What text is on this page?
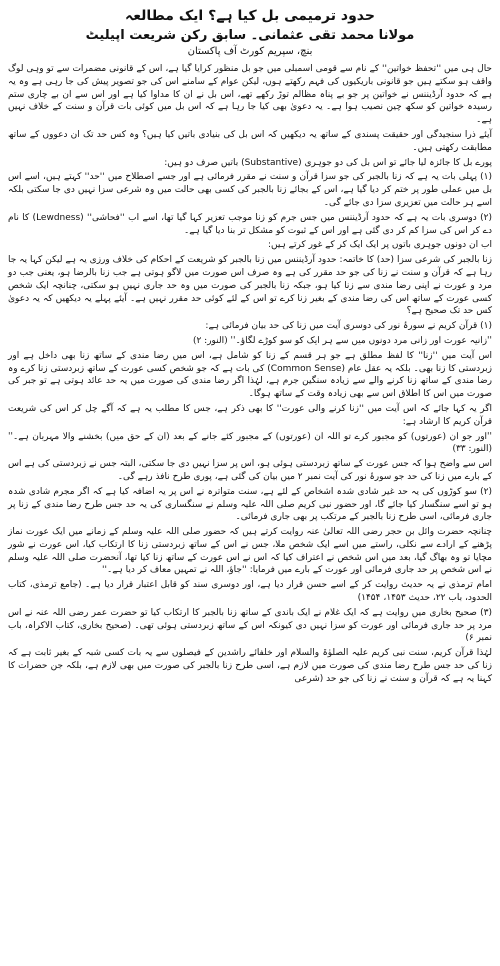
حدود ترمیمی بل کیا ہے؟ ایک مطالعہ
مولانا محمد تقی عثمانی۔ سابق رکن شریعت اپیلیٹ
بنچ، سپریم کورٹ آف پاکستان

حال ہی میں ''تحفظ خواتین'' کے نام سے قومی اسمبلی میں جو بل منظور کرایا گیا ہے، اس کے قانونی مضمرات سے تو وہی لوگ واقف ہو سکتے ہیں جو قانونی باریکیوں کی فہم رکھتے ہوں، لیکن عوام کے سامنے اس کی جو تصویر پیش کی جا رہی ہے وہ یہ ہے کہ حدود آرڈیننس نے خواتین پر جو بے پناہ مظالم توڑ رکھے تھے، اس بل نے ان کا مداوا کیا ہے اور اس سے ان بے چاری ستم رسیدہ خواتین کو سکھ چین نصیب ہوا ہے۔ یہ دعویٰ بھی کیا جا رہا ہے کہ اس بل میں کوئی بات قرآن و سنت کے خلاف نہیں ہے۔

آیئے ذرا سنجیدگی اور حقیقت پسندی کے ساتھ یہ دیکھیں کہ اس بل کی بنیادی باتیں کیا ہیں؟ وہ کس حد تک ان دعووں کے ساتھ مطابقت رکھتی ہیں۔

پورے بل کا جائزہ لیا جائے تو اس بل کی دو جوہری (Substantive) باتیں صرف دو ہیں:

(۱) پہلی بات یہ ہے کہ زنا بالجبر کی جو سزا قرآن و سنت نے مقرر فرمائی ہے اور جسے اصطلاح میں ''حد'' کہتے ہیں، اسے اس بل میں عملی طور پر ختم کر دیا گیا ہے، اس کے بجائے زنا بالجبر کی کسی بھی حالت میں وہ شرعی سزا نہیں دی جا سکتی بلکہ اسے ہر حالت میں تعزیری سزا دی جائے گی۔

(۲) دوسری بات یہ ہے کہ حدود آرڈیننس میں جس جرم کو زنا موجب تعزیر کہا گیا تھا، اسے اب ''فحاشی'' (Lewdness) کا نام دے کر اس کی سزا کم کر دی گئی ہے اور اس کے ثبوت کو مشکل تر بنا دیا گیا ہے۔

اب ان دونوں جوہری باتوں پر ایک ایک کر کے غور کرتے ہیں:

زنا بالجبر کی شرعی سزا (حد) کا خاتمہ: حدود آرڈیننس میں زنا بالجبر کو شریعت کے احکام کی خلاف ورزی یہ ہے لیکن کہا یہ جا رہا ہے کہ قرآن و سنت نے زنا کی جو حد مقرر کی ہے وہ صرف اس صورت میں لاگو ہوتی ہے جب زنا بالرضا ہو، یعنی جب دو مرد و عورت نے اپنی رضا مندی سے زنا کیا ہو، جبکہ زنا بالجبر کی صورت میں وہ حد جاری نہیں ہو سکتی، چنانچہ ایک شخص کسی عورت کے ساتھ اس کی رضا مندی کے بغیر زنا کرے تو اس کے لئے کوئی حد مقرر نہیں ہے۔ آیئے پہلے یہ دیکھیں کہ یہ دعویٰ کس حد تک صحیح ہے؟

(۱) قرآن کریم نے سورۂ نور کی دوسری آیت میں زنا کی حد بیان فرمائی ہے:

''زانیہ عورت اور زانی مرد دونوں میں سے ہر ایک کو سو کوڑے لگاؤ۔'' (النور: ۲)

اس آیت میں ''زنا'' کا لفظ مطلق ہے جو ہر قسم کے زنا کو شامل ہے، اس میں رضا مندی کے ساتھ زنا بھی داخل ہے اور زبردستی کا زنا بھی۔ بلکہ یہ عقل عام (Common Sense) کی بات ہے کہ جو شخص کسی عورت کے ساتھ زبردستی زنا کرے وہ رضا مندی کے ساتھ زنا کرنے والے سے زیادہ سنگین جرم ہے، لہٰذا اگر رضا مندی کی صورت میں یہ حد عائد ہوتی ہے تو جبر کی صورت میں اس کا اطلاق اس سے بھی زیادہ وقت کے ساتھ ہوگا۔

اگر یہ کہا جائے کہ اس آیت میں ''زنا کرنے والی عورت'' کا بھی ذکر ہے، جس کا مطلب یہ ہے کہ آگے چل کر اس کی شریعت قرآن کریم کا ارشاد ہے:

''اور جو ان (عورتوں) کو مجبور کرے تو اللہ ان (عورتوں) کے مجبور کئے جانے کے بعد (ان کے حق میں) بخشنے والا مہربان ہے۔'' (النور: ۳۳)

اس سے واضح ہوا کہ جس عورت کے ساتھ زبردستی ہوئی ہو، اس پر سزا نہیں دی جا سکتی، البتہ جس نے زبردستی کی ہے اس کے بارے میں زنا کی حد جو سورۂ نور کی آیت نمبر ۲ میں بیان کی گئی ہے، پوری طرح نافذ رہے گی۔

(۲) سو کوڑوں کی یہ حد غیر شادی شدہ اشخاص کے لئے ہے، سنت متواترہ نے اس پر یہ اضافہ کیا ہے کہ اگر مجرم شادی شدہ ہو تو اسے سنگسار کیا جائے گا، اور حضور نبی کریم صلی اللہ علیہ وسلم نے سنگساری کی یہ حد جس طرح رضا مندی کے زنا پر جاری فرمائی، اسی طرح زنا بالجبر کے مرتکب پر بھی جاری فرمائی۔

چنانچہ حضرت وائل بن حجر رضی اللہ تعالیٰ عنہ روایت کرتے ہیں کہ حضور صلی اللہ علیہ وسلم کے زمانے میں ایک عورت نماز پڑھنے کے ارادے سے نکلی، راستے میں اسے ایک شخص ملا، جس نے اس کے ساتھ زبردستی زنا کا ارتکاب کیا، اس عورت نے شور مچایا تو وہ بھاگ گیا، بعد میں اس شخص نے اعتراف کیا کہ اس نے اس عورت کے ساتھ زنا کیا تھا، آنحضرت صلی اللہ علیہ وسلم نے اس شخص پر حد جاری فرمائی اور عورت کے بارے میں فرمایا: ''جاؤ، اللہ نے تمہیں معاف کر دیا ہے۔''

امام ترمذی نے یہ حدیث روایت کر کے اسے حسن قرار دیا ہے، اور دوسری سند کو قابل اعتبار قرار دیا ہے۔ (جامع ترمذی، کتاب الحدود، باب ۲۲، حدیث ۱۴۵۳، ۱۴۵۴)

(۳) صحیح بخاری میں روایت ہے کہ ایک غلام نے ایک باندی کے ساتھ زنا بالجبر کا ارتکاب کیا تو حضرت عمر رضی اللہ عنہ نے اس مرد پر حد جاری فرمائی اور عورت کو سزا نہیں دی کیونکہ اس کے ساتھ زبردستی ہوئی تھی۔ (صحیح بخاری، کتاب الاکراہ، باب نمبر ۶)

لہٰذا قرآن کریم، سنت نبی کریم علیہ الصلوٰۃ والسلام اور خلفائے راشدین کے فیصلوں سے یہ بات کسی شبہ کے بغیر ثابت ہے کہ زنا کی حد جس طرح رضا مندی کی صورت میں لازم ہے، اسی طرح زنا بالجبر کی صورت میں بھی لازم ہے، بلکہ جن حضرات کا کہنا یہ ہے کہ قرآن و سنت نے زنا کی جو حد (شرعی
